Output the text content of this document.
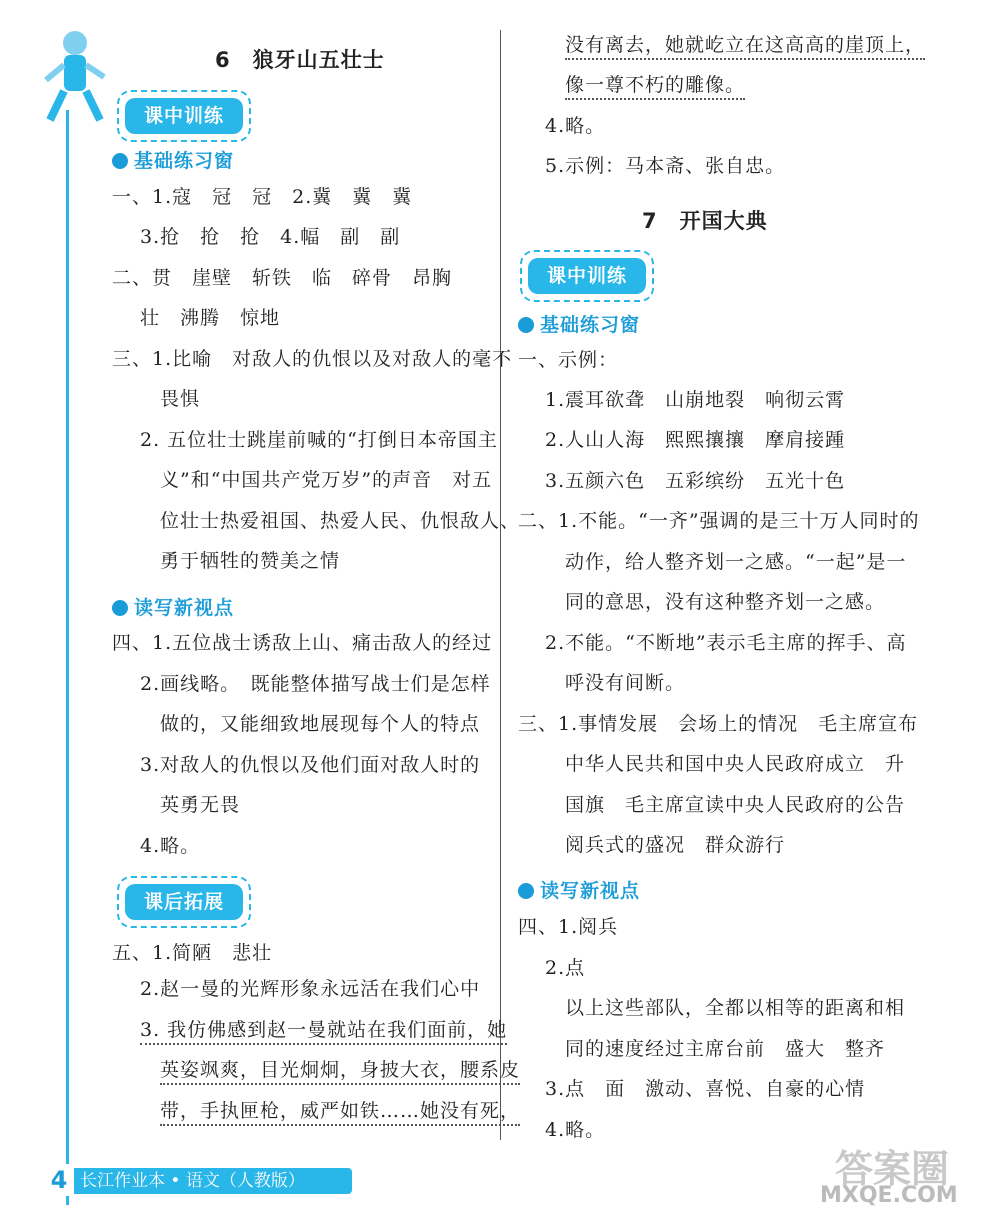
6　狼牙山五壮士
课中训练
基础练习窗
一、1.寇　冠　冠　2.冀　冀　冀
3.抢　抢　抢　4.幅　副　副
二、贯　崖壁　斩铁　临　碎骨　昂胸
壮　沸腾　惊地
三、1.比喻　对敌人的仇恨以及对敌人的毫不
畏惧
2. 五位壮士跳崖前喊的“打倒日本帝国主
义”和“中国共产党万岁”的声音　对五
位壮士热爱祖国、热爱人民、仇恨敌人、
勇于牺牲的赞美之情
读写新视点
四、1.五位战士诱敌上山、痛击敌人的经过
2.画线略。　既能整体描写战士们是怎样
做的，又能细致地展现每个人的特点
3.对敌人的仇恨以及他们面对敌人时的
英勇无畏
4.略。
课后拓展
五、1.简陋　悲壮
2.赵一曼的光辉形象永远活在我们心中
3. 我仿佛感到赵一曼就站在我们面前，她
英姿飒爽，目光炯炯，身披大衣，腰系皮
带，手执匣枪，威严如铁……她没有死，
没有离去，她就屹立在这高高的崖顶上，
像一尊不朽的雕像。
4.略。
5.示例：马本斋、张自忠。
7　开国大典
课中训练
基础练习窗
一、示例：
1.震耳欲聋　山崩地裂　响彻云霄
2.人山人海　熙熙攘攘　摩肩接踵
3.五颜六色　五彩缤纷　五光十色
二、1.不能。“一齐”强调的是三十万人同时的
动作，给人整齐划一之感。“一起”是一
同的意思，没有这种整齐划一之感。
2.不能。“不断地”表示毛主席的挥手、高
呼没有间断。
三、1.事情发展　会场上的情况　毛主席宣布
中华人民共和国中央人民政府成立　升
国旗　毛主席宣读中央人民政府的公告
阅兵式的盛况　群众游行
读写新视点
四、1.阅兵
2.点
以上这些部队，全都以相等的距离和相
同的速度经过主席台前　盛大　整齐
3.点　面　激动、喜悦、自豪的心情
4.略。
长江作业本 • 语文（人教版）
4	答案圈
MXQE.COM
